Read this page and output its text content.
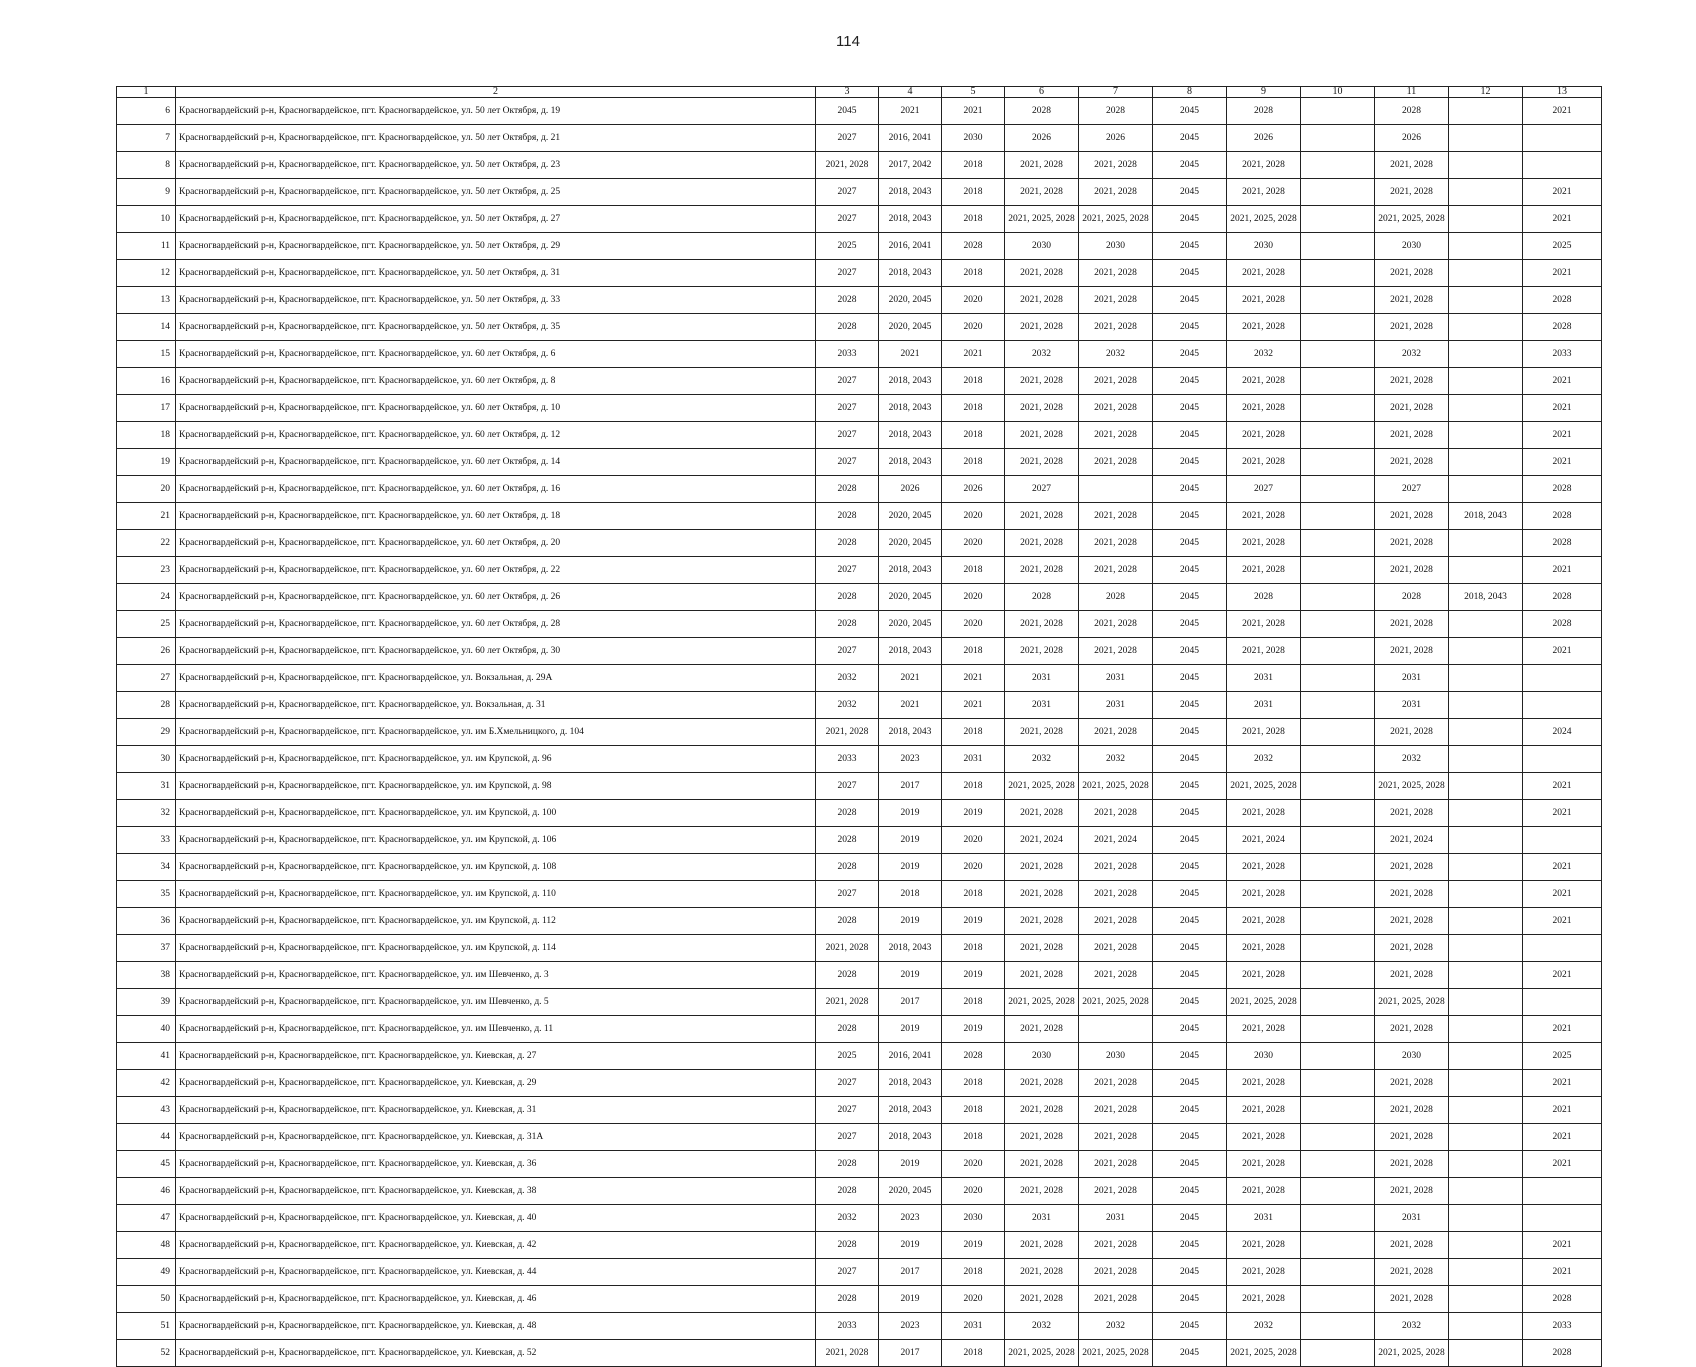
114
1	2	3	4	5	6	7	8	9	10	11	12	13
6	Красногвардейский р-н, Красногвардейское, пгт. Красногвардейское, ул. 50 лет Октября, д. 19	2045	2021	2021	2028	2028	2045	2028		2028		2021
7	Красногвардейский р-н, Красногвардейское, пгт. Красногвардейское, ул. 50 лет Октября, д. 21	2027	2016, 2041	2030	2026	2026	2045	2026		2026		
8	Красногвардейский р-н, Красногвардейское, пгт. Красногвардейское, ул. 50 лет Октября, д. 23	2021, 2028	2017, 2042	2018	2021, 2028	2021, 2028	2045	2021, 2028		2021, 2028		
9	Красногвардейский р-н, Красногвардейское, пгт. Красногвардейское, ул. 50 лет Октября, д. 25	2027	2018, 2043	2018	2021, 2028	2021, 2028	2045	2021, 2028		2021, 2028		2021
10	Красногвардейский р-н, Красногвардейское, пгт. Красногвардейское, ул. 50 лет Октября, д. 27	2027	2018, 2043	2018	2021, 2025, 2028	2021, 2025, 2028	2045	2021, 2025, 2028		2021, 2025, 2028		2021
11	Красногвардейский р-н, Красногвардейское, пгт. Красногвардейское, ул. 50 лет Октября, д. 29	2025	2016, 2041	2028	2030	2030	2045	2030		2030		2025
12	Красногвардейский р-н, Красногвардейское, пгт. Красногвардейское, ул. 50 лет Октября, д. 31	2027	2018, 2043	2018	2021, 2028	2021, 2028	2045	2021, 2028		2021, 2028		2021
13	Красногвардейский р-н, Красногвардейское, пгт. Красногвардейское, ул. 50 лет Октября, д. 33	2028	2020, 2045	2020	2021, 2028	2021, 2028	2045	2021, 2028		2021, 2028		2028
14	Красногвардейский р-н, Красногвардейское, пгт. Красногвардейское, ул. 50 лет Октября, д. 35	2028	2020, 2045	2020	2021, 2028	2021, 2028	2045	2021, 2028		2021, 2028		2028
15	Красногвардейский р-н, Красногвардейское, пгт. Красногвардейское, ул. 60 лет Октября, д. 6	2033	2021	2021	2032	2032	2045	2032		2032		2033
16	Красногвардейский р-н, Красногвардейское, пгт. Красногвардейское, ул. 60 лет Октября, д. 8	2027	2018, 2043	2018	2021, 2028	2021, 2028	2045	2021, 2028		2021, 2028		2021
17	Красногвардейский р-н, Красногвардейское, пгт. Красногвардейское, ул. 60 лет Октября, д. 10	2027	2018, 2043	2018	2021, 2028	2021, 2028	2045	2021, 2028		2021, 2028		2021
18	Красногвардейский р-н, Красногвардейское, пгт. Красногвардейское, ул. 60 лет Октября, д. 12	2027	2018, 2043	2018	2021, 2028	2021, 2028	2045	2021, 2028		2021, 2028		2021
19	Красногвардейский р-н, Красногвардейское, пгт. Красногвардейское, ул. 60 лет Октября, д. 14	2027	2018, 2043	2018	2021, 2028	2021, 2028	2045	2021, 2028		2021, 2028		2021
20	Красногвардейский р-н, Красногвардейское, пгт. Красногвардейское, ул. 60 лет Октября, д. 16	2028	2026	2026	2027		2045	2027		2027		2028
21	Красногвардейский р-н, Красногвардейское, пгт. Красногвардейское, ул. 60 лет Октября, д. 18	2028	2020, 2045	2020	2021, 2028	2021, 2028	2045	2021, 2028		2021, 2028	2018, 2043	2028
22	Красногвардейский р-н, Красногвардейское, пгт. Красногвардейское, ул. 60 лет Октября, д. 20	2028	2020, 2045	2020	2021, 2028	2021, 2028	2045	2021, 2028		2021, 2028		2028
23	Красногвардейский р-н, Красногвардейское, пгт. Красногвардейское, ул. 60 лет Октября, д. 22	2027	2018, 2043	2018	2021, 2028	2021, 2028	2045	2021, 2028		2021, 2028		2021
24	Красногвардейский р-н, Красногвардейское, пгт. Красногвардейское, ул. 60 лет Октября, д. 26	2028	2020, 2045	2020	2028	2028	2045	2028		2028	2018, 2043	2028
25	Красногвардейский р-н, Красногвардейское, пгт. Красногвардейское, ул. 60 лет Октября, д. 28	2028	2020, 2045	2020	2021, 2028	2021, 2028	2045	2021, 2028		2021, 2028		2028
26	Красногвардейский р-н, Красногвардейское, пгт. Красногвардейское, ул. 60 лет Октября, д. 30	2027	2018, 2043	2018	2021, 2028	2021, 2028	2045	2021, 2028		2021, 2028		2021
27	Красногвардейский р-н, Красногвардейское, пгт. Красногвардейское, ул. Вокзальная, д. 29А	2032	2021	2021	2031	2031	2045	2031		2031		
28	Красногвардейский р-н, Красногвардейское, пгт. Красногвардейское, ул. Вокзальная, д. 31	2032	2021	2021	2031	2031	2045	2031		2031		
29	Красногвардейский р-н, Красногвардейское, пгт. Красногвардейское, ул. им Б.Хмельницкого, д. 104	2021, 2028	2018, 2043	2018	2021, 2028	2021, 2028	2045	2021, 2028		2021, 2028		2024
30	Красногвардейский р-н, Красногвардейское, пгт. Красногвардейское, ул. им Крупской, д. 96	2033	2023	2031	2032	2032	2045	2032		2032		
31	Красногвардейский р-н, Красногвардейское, пгт. Красногвардейское, ул. им Крупской, д. 98	2027	2017	2018	2021, 2025, 2028	2021, 2025, 2028	2045	2021, 2025, 2028		2021, 2025, 2028		2021
32	Красногвардейский р-н, Красногвардейское, пгт. Красногвардейское, ул. им Крупской, д. 100	2028	2019	2019	2021, 2028	2021, 2028	2045	2021, 2028		2021, 2028		2021
33	Красногвардейский р-н, Красногвардейское, пгт. Красногвардейское, ул. им Крупской, д. 106	2028	2019	2020	2021, 2024	2021, 2024	2045	2021, 2024		2021, 2024		
34	Красногвардейский р-н, Красногвардейское, пгт. Красногвардейское, ул. им Крупской, д. 108	2028	2019	2020	2021, 2028	2021, 2028	2045	2021, 2028		2021, 2028		2021
35	Красногвардейский р-н, Красногвардейское, пгт. Красногвардейское, ул. им Крупской, д. 110	2027	2018	2018	2021, 2028	2021, 2028	2045	2021, 2028		2021, 2028		2021
36	Красногвардейский р-н, Красногвардейское, пгт. Красногвардейское, ул. им Крупской, д. 112	2028	2019	2019	2021, 2028	2021, 2028	2045	2021, 2028		2021, 2028		2021
37	Красногвардейский р-н, Красногвардейское, пгт. Красногвардейское, ул. им Крупской, д. 114	2021, 2028	2018, 2043	2018	2021, 2028	2021, 2028	2045	2021, 2028		2021, 2028		
38	Красногвардейский р-н, Красногвардейское, пгт. Красногвардейское, ул. им Шевченко, д. 3	2028	2019	2019	2021, 2028	2021, 2028	2045	2021, 2028		2021, 2028		2021
39	Красногвардейский р-н, Красногвардейское, пгт. Красногвардейское, ул. им Шевченко, д. 5	2021, 2028	2017	2018	2021, 2025, 2028	2021, 2025, 2028	2045	2021, 2025, 2028		2021, 2025, 2028		
40	Красногвардейский р-н, Красногвардейское, пгт. Красногвардейское, ул. им Шевченко, д. 11	2028	2019	2019	2021, 2028		2045	2021, 2028		2021, 2028		2021
41	Красногвардейский р-н, Красногвардейское, пгт. Красногвардейское, ул. Киевская, д. 27	2025	2016, 2041	2028	2030	2030	2045	2030		2030		2025
42	Красногвардейский р-н, Красногвардейское, пгт. Красногвардейское, ул. Киевская, д. 29	2027	2018, 2043	2018	2021, 2028	2021, 2028	2045	2021, 2028		2021, 2028		2021
43	Красногвардейский р-н, Красногвардейское, пгт. Красногвардейское, ул. Киевская, д. 31	2027	2018, 2043	2018	2021, 2028	2021, 2028	2045	2021, 2028		2021, 2028		2021
44	Красногвардейский р-н, Красногвардейское, пгт. Красногвардейское, ул. Киевская, д. 31А	2027	2018, 2043	2018	2021, 2028	2021, 2028	2045	2021, 2028		2021, 2028		2021
45	Красногвардейский р-н, Красногвардейское, пгт. Красногвардейское, ул. Киевская, д. 36	2028	2019	2020	2021, 2028	2021, 2028	2045	2021, 2028		2021, 2028		2021
46	Красногвардейский р-н, Красногвардейское, пгт. Красногвардейское, ул. Киевская, д. 38	2028	2020, 2045	2020	2021, 2028	2021, 2028	2045	2021, 2028		2021, 2028		
47	Красногвардейский р-н, Красногвардейское, пгт. Красногвардейское, ул. Киевская, д. 40	2032	2023	2030	2031	2031	2045	2031		2031		
48	Красногвардейский р-н, Красногвардейское, пгт. Красногвардейское, ул. Киевская, д. 42	2028	2019	2019	2021, 2028	2021, 2028	2045	2021, 2028		2021, 2028		2021
49	Красногвардейский р-н, Красногвардейское, пгт. Красногвардейское, ул. Киевская, д. 44	2027	2017	2018	2021, 2028	2021, 2028	2045	2021, 2028		2021, 2028		2021
50	Красногвардейский р-н, Красногвардейское, пгт. Красногвардейское, ул. Киевская, д. 46	2028	2019	2020	2021, 2028	2021, 2028	2045	2021, 2028		2021, 2028		2028
51	Красногвардейский р-н, Красногвардейское, пгт. Красногвардейское, ул. Киевская, д. 48	2033	2023	2031	2032	2032	2045	2032		2032		2033
52	Красногвардейский р-н, Красногвардейское, пгт. Красногвардейское, ул. Киевская, д. 52	2021, 2028	2017	2018	2021, 2025, 2028	2021, 2025, 2028	2045	2021, 2025, 2028		2021, 2025, 2028		2028
